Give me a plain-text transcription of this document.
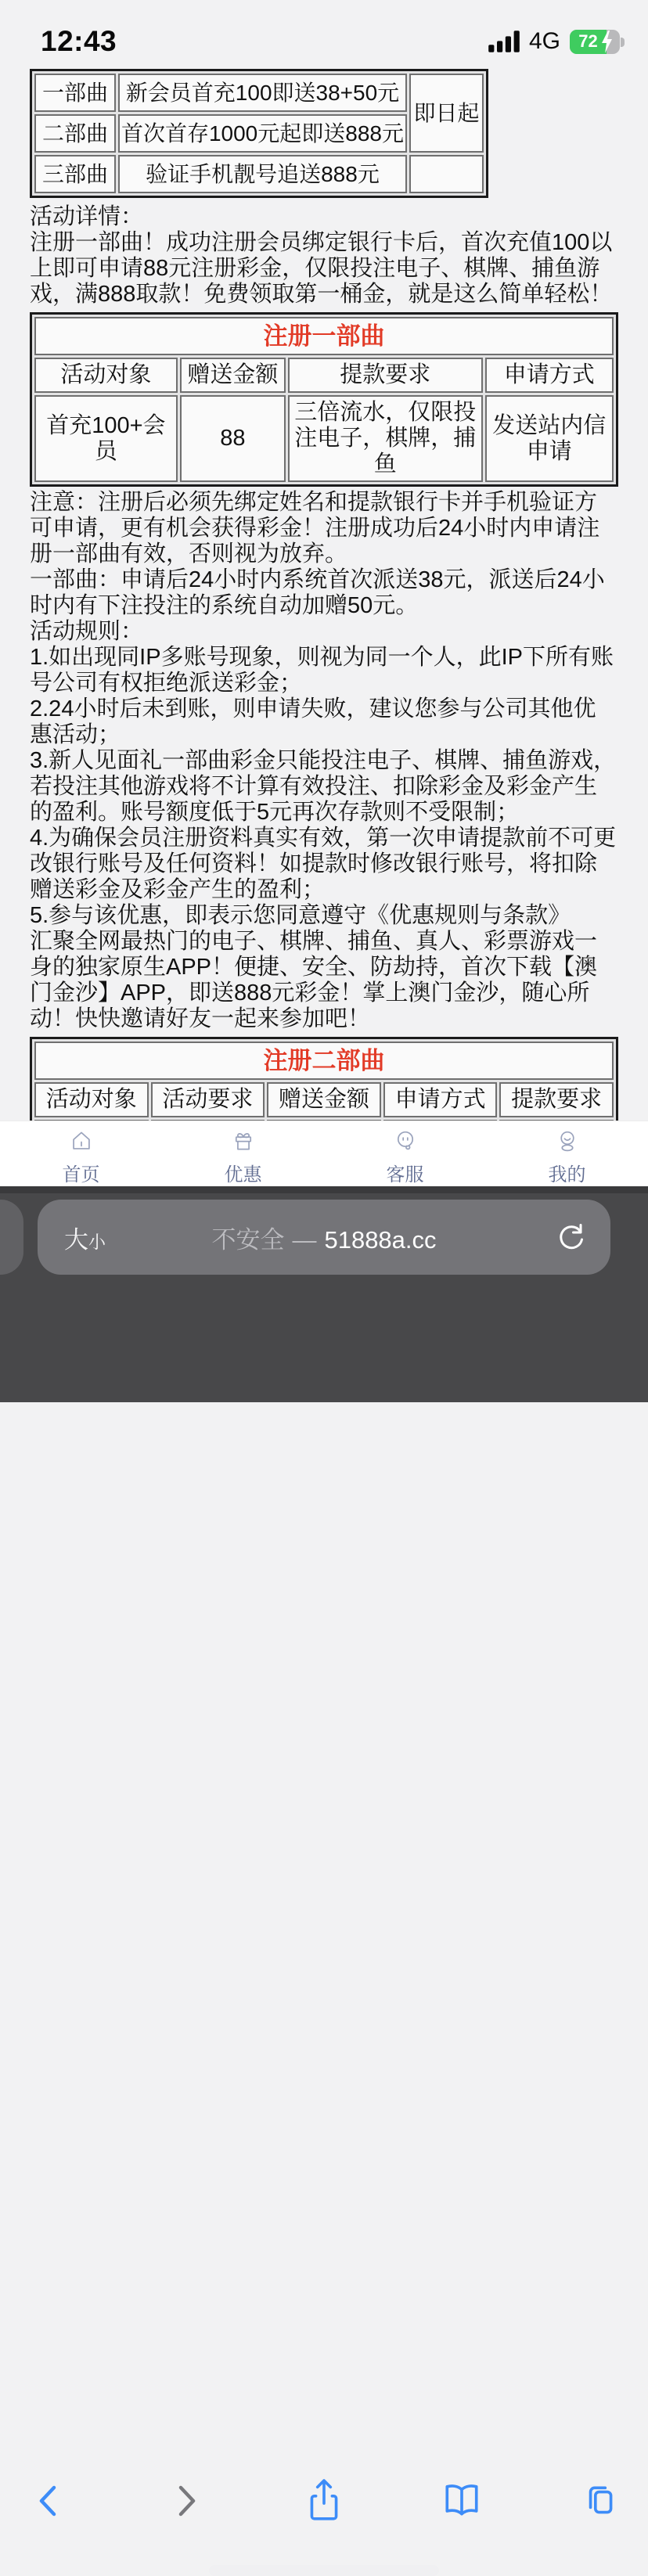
12:43	4G 72
一部曲	新会员首充100即送38+50元	即日起
二部曲	首次首存1000元起即送888元	
三部曲	验证手机靓号追送888元	

活动详情：

注册一部曲！成功注册会员绑定银行卡后，首次充值100以上即可申请88元注册彩金，仅限投注电子、棋牌、捕鱼游戏，满888取款！免费领取第一桶金，就是这么简单轻松！

注册一部曲			
活动对象	赠送金额	提款要求	申请方式
首充100+会员	88	三倍流水，仅限投注电子，棋牌，捕鱼	发送站内信申请

注意：注册后必须先绑定姓名和提款银行卡并手机验证方可申请，更有机会获得彩金！注册成功后24小时内申请注册一部曲有效，否则视为放弃。

一部曲：申请后24小时内系统首次派送38元，派送后24小时内有下注投注的系统自动加赠50元。

活动规则：

1.如出现同IP多账号现象，则视为同一个人，此IP下所有账号公司有权拒绝派送彩金；

2.24小时后未到账，则申请失败，建议您参与公司其他优惠活动；

3.新人见面礼一部曲彩金只能投注电子、棋牌、捕鱼游戏，若投注其他游戏将不计算有效投注、扣除彩金及彩金产生的盈利。账号额度低于5元再次存款则不受限制；

4.为确保会员注册资料真实有效，第一次申请提款前不可更改银行账号及任何资料！如提款时修改银行账号，将扣除赠送彩金及彩金产生的盈利；

5.参与该优惠，即表示您同意遵守《优惠规则与条款》

汇聚全网最热门的电子、棋牌、捕鱼、真人、彩票游戏一身的独家原生APP！便捷、安全、防劫持，首次下载【澳门金沙】APP，即送888元彩金！掌上澳门金沙，随心所动！快快邀请好友一起来参加吧！

注册二部曲				
活动对象	活动要求	赠送金额	申请方式	提款要求

首页	优惠	客服	我的
大 小	不安全 — 51888a.cc
